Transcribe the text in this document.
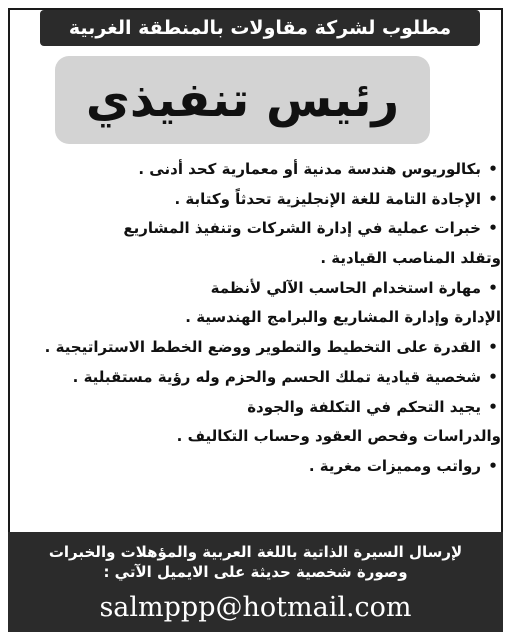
مطلوب لشركة مقاولات بالمنطقة الغربية
رئيس تنفيذي
•بكالوريوس هندسة مدنية أو معمارية كحد أدنى .
•الإجادة التامة للغة الإنجليزية تحدثاً وكتابة .
•خبرات عملية في إدارة الشركات وتنفيذ المشاريع
وتقلد المناصب القيادية .
•مهارة استخدام الحاسب الآلي لأنظمة
الإدارة وإدارة المشاريع والبرامج الهندسية .
•القدرة على التخطيط والتطوير ووضع الخطط الاستراتيجية .
•شخصية قيادية تملك الحسم والحزم وله رؤية مستقبلية .
•يجيد التحكم في التكلفة والجودة
والدراسات وفحص العقود وحساب التكاليف .
•رواتب ومميزات مغرية .
لإرسال السيرة الذاتية باللغة العربية والمؤهلات والخبرات
وصورة شخصية حديثة على الايميل الآتي :
salmppp@hotmail.com
